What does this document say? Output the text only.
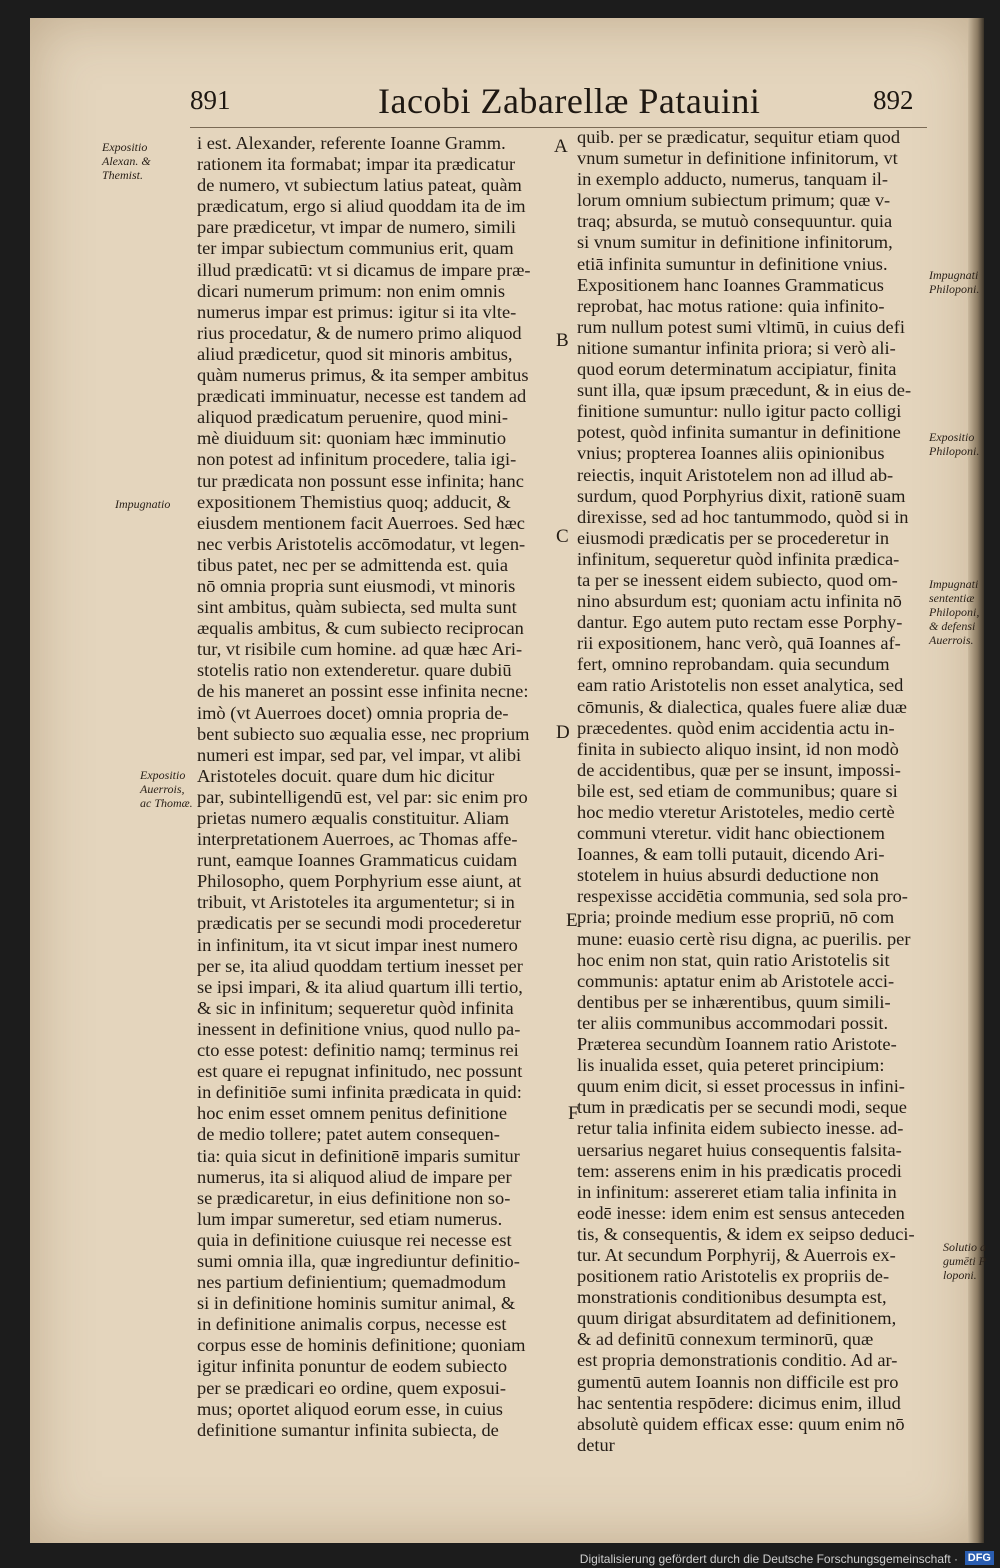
891	Iacobi Zabarellæ Patauini	892
i est. Alexander, referente Ioanne Gramm.
rationem ita formabat; impar ita prædicatur
de numero, vt subiectum latius pateat, quàm
prædicatum, ergo si aliud quoddam ita de im
pare prædicetur, vt impar de numero, simili
ter impar subiectum communius erit, quam
illud prædicatū: vt si dicamus de impare præ-
dicari numerum primum: non enim omnis
numerus impar est primus: igitur si ita vlte-
rius procedatur, & de numero primo aliquod
aliud prædicetur, quod sit minoris ambitus,
quàm numerus primus, & ita semper ambitus
prædicati imminuatur, necesse est tandem ad
aliquod prædicatum peruenire, quod mini-
mè diuiduum sit: quoniam hæc imminutio
non potest ad infinitum procedere, talia igi-
tur prædicata non possunt esse infinita; hanc
expositionem Themistius quoq; adducit, &
eiusdem mentionem facit Auerroes. Sed hæc
nec verbis Aristotelis accōmodatur, vt legen-
tibus patet, nec per se admittenda est. quia
nō omnia propria sunt eiusmodi, vt minoris
sint ambitus, quàm subiecta, sed multa sunt
æqualis ambitus, & cum subiecto reciprocan
tur, vt risibile cum homine. ad quæ hæc Ari-
stotelis ratio non extenderetur. quare dubiū
de his maneret an possint esse infinita necne:
imò (vt Auerroes docet) omnia propria de-
bent subiecto suo æqualia esse, nec proprium
numeri est impar, sed par, vel impar, vt alibi
Aristoteles docuit. quare dum hic dicitur
par, subintelligendū est, vel par: sic enim pro
prietas numero æqualis constituitur. Aliam
interpretationem Auerroes, ac Thomas affe-
runt, eamque Ioannes Grammaticus cuidam
Philosopho, quem Porphyrium esse aiunt, at
tribuit, vt Aristoteles ita argumentetur; si in
prædicatis per se secundi modi procederetur
in infinitum, ita vt sicut impar inest numero
per se, ita aliud quoddam tertium inesset per
se ipsi impari, & ita aliud quartum illi tertio,
& sic in infinitum; sequeretur quòd infinita
inessent in definitione vnius, quod nullo pa-
cto esse potest: definitio namq; terminus rei
est quare ei repugnat infinitudo, nec possunt
in definitiōe sumi infinita prædicata in quid:
hoc enim esset omnem penitus definitione
de medio tollere; patet autem consequen-
tia: quia sicut in definitionē imparis sumitur
numerus, ita si aliquod aliud de impare per
se prædicaretur, in eius definitione non so-
lum impar sumeretur, sed etiam numerus.
quia in definitione cuiusque rei necesse est
sumi omnia illa, quæ ingrediuntur definitio-
nes partium definientium; quemadmodum
si in definitione hominis sumitur animal, &
in definitione animalis corpus, necesse est
corpus esse de hominis definitione; quoniam
igitur infinita ponuntur de eodem subiecto
per se prædicari eo ordine, quem exposui-
mus; oportet aliquod eorum esse, in cuius
definitione sumantur infinita subiecta, de
quib. per se prædicatur, sequitur etiam quod
vnum sumetur in definitione infinitorum, vt
in exemplo adducto, numerus, tanquam il-
lorum omnium subiectum primum; quæ v-
traq; absurda, se mutuò consequuntur. quia
si vnum sumitur in definitione infinitorum,
etiā infinita sumuntur in definitione vnius.
Expositionem hanc Ioannes Grammaticus
reprobat, hac motus ratione: quia infinito-
rum nullum potest sumi vltimū, in cuius defi
nitione sumantur infinita priora; si verò ali-
quod eorum determinatum accipiatur, finita
sunt illa, quæ ipsum præcedunt, & in eius de-
finitione sumuntur: nullo igitur pacto colligi
potest, quòd infinita sumantur in definitione
vnius; propterea Ioannes aliis opinionibus
reiectis, inquit Aristotelem non ad illud ab-
surdum, quod Porphyrius dixit, rationē suam
direxisse, sed ad hoc tantummodo, quòd si in
eiusmodi prædicatis per se procederetur in
infinitum, sequeretur quòd infinita prædica-
ta per se inessent eidem subiecto, quod om-
nino absurdum est; quoniam actu infinita nō
dantur. Ego autem puto rectam esse Porphy-
rii expositionem, hanc verò, quā Ioannes af-
fert, omnino reprobandam. quia secundum
eam ratio Aristotelis non esset analytica, sed
cōmunis, & dialectica, quales fuere aliæ duæ
præcedentes. quòd enim accidentia actu in-
finita in subiecto aliquo insint, id non modò
de accidentibus, quæ per se insunt, impossi-
bile est, sed etiam de communibus; quare si
hoc medio vteretur Aristoteles, medio certè
communi vteretur. vidit hanc obiectionem
Ioannes, & eam tolli putauit, dicendo Ari-
stotelem in huius absurdi deductione non
respexisse accidētia communia, sed sola pro-
pria; proinde medium esse propriū, nō com
mune: euasio certè risu digna, ac puerilis. per
hoc enim non stat, quin ratio Aristotelis sit
communis: aptatur enim ab Aristotele acci-
dentibus per se inhærentibus, quum simili-
ter aliis communibus accommodari possit.
Præterea secundùm Ioannem ratio Aristote-
lis inualida esset, quia peteret principium:
quum enim dicit, si esset processus in infini-
tum in prædicatis per se secundi modi, seque
retur talia infinita eidem subiecto inesse. ad-
uersarius negaret huius consequentis falsita-
tem: asserens enim in his prædicatis procedi
in infinitum: assereret etiam talia infinita in
eodē inesse: idem enim est sensus anteceden
tis, & consequentis, & idem ex seipso deduci-
tur. At secundum Porphyrij, & Auerrois ex-
positionem ratio Aristotelis ex propriis de-
monstrationis conditionibus desumpta est,
quum dirigat absurditatem ad definitionem,
& ad definitū connexum terminorū, quæ
est propria demonstrationis conditio. Ad ar-
gumentū autem Ioannis non difficile est pro
hac sententia respōdere: dicimus enim, illud
absolutè quidem efficax esse: quum enim nō
detur
A
B
C
D
E
F
Expositio
Alexan. &
Themist.
Impugnatio
Expositio
Auerrois,
ac Thomæ.
Impugnati
Philoponi.
Expositio
Philoponi.
Impugnati
sententiæ
Philoponi,
& defensi
Auerrois.
Solutio a
gumēti P
loponi.
Digitalisierung gefördert durch die Deutsche Forschungsgemeinschaft · DFG
